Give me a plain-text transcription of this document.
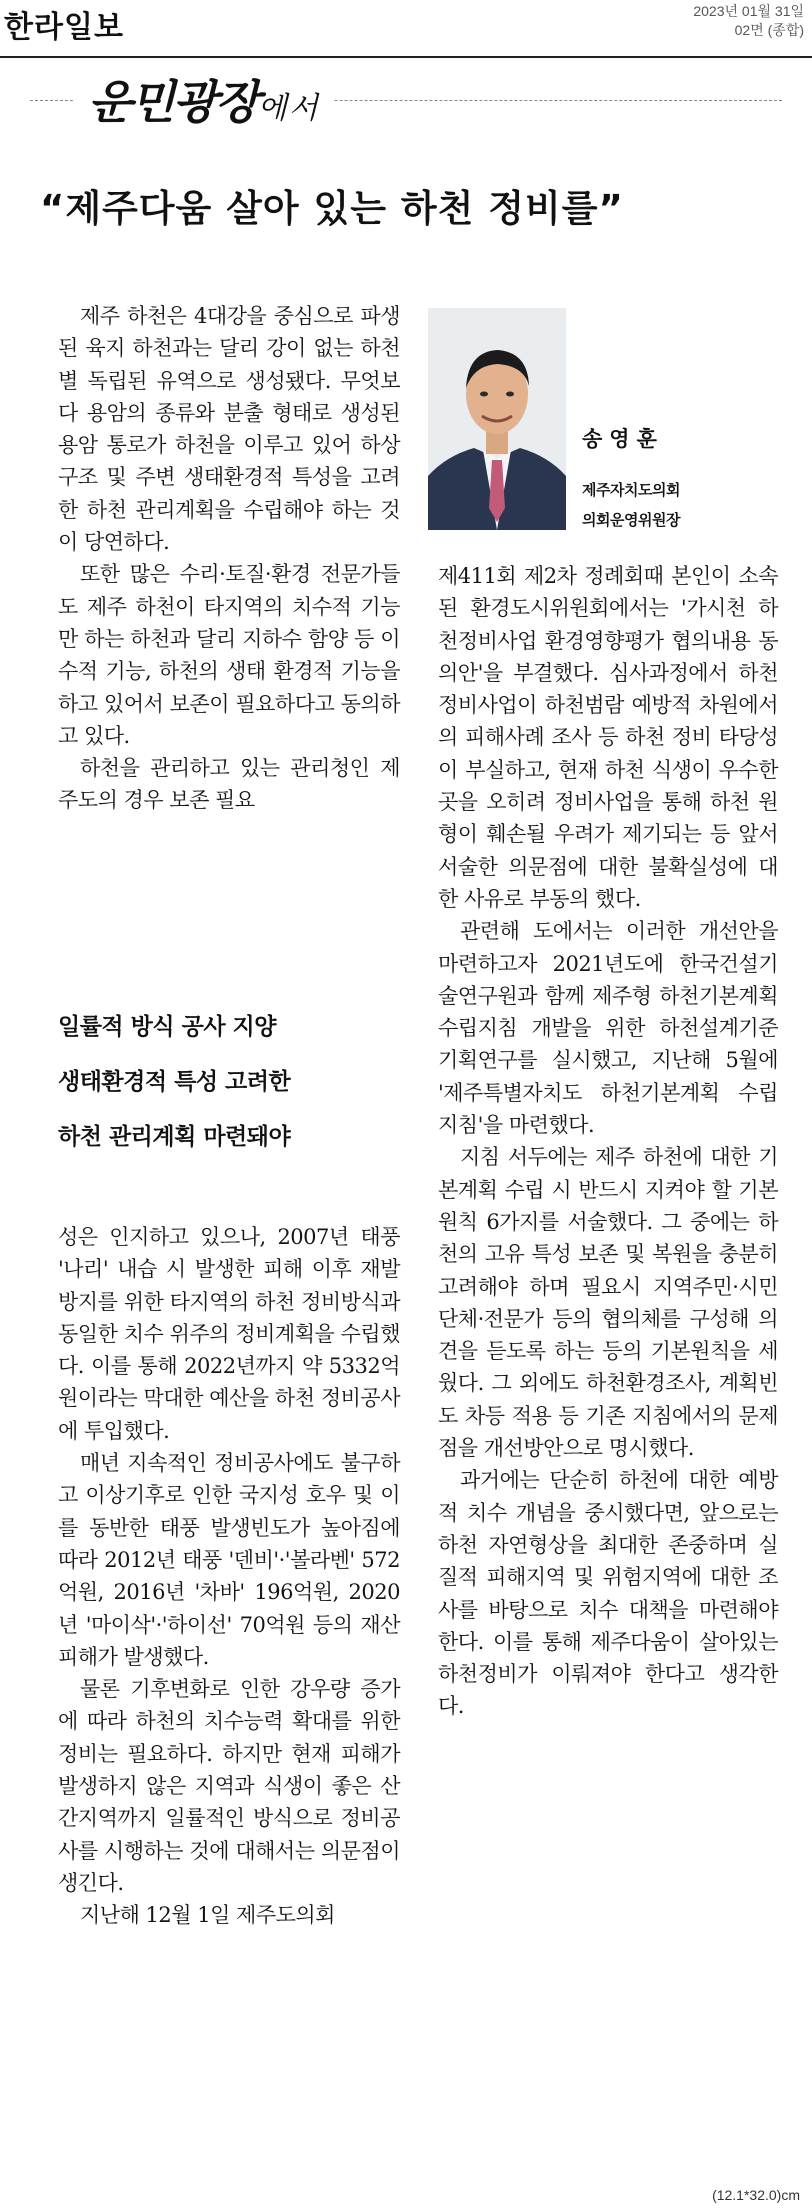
한라일보	2023년 01월 31일
02면 (종합)
운민광장에서
“제주다움 살아 있는 하천 정비를”
송영훈
제주자치도의회
의회운영위원장

제주 하천은 4대강을 중심으로 파생된 육지 하천과는 달리 강이 없는 하천별 독립된 유역으로 생성됐다. 무엇보다 용암의 종류와 분출 형태로 생성된 용암 통로가 하천을 이루고 있어 하상 구조 및 주변 생태환경적 특성을 고려한 하천 관리계획을 수립해야 하는 것이 당연하다.

또한 많은 수리·토질·환경 전문가들도 제주 하천이 타지역의 치수적 기능만 하는 하천과 달리 지하수 함양 등 이수적 기능, 하천의 생태 환경적 기능을 하고 있어서 보존이 필요하다고 동의하고 있다.

하천을 관리하고 있는 관리청인 제주도의 경우 보존 필요

일률적 방식 공사 지양
생태환경적 특성 고려한
하천 관리계획 마련돼야

성은 인지하고 있으나, 2007년 태풍 '나리' 내습 시 발생한 피해 이후 재발 방지를 위한 타지역의 하천 정비방식과 동일한 치수 위주의 정비계획을 수립했다. 이를 통해 2022년까지 약 5332억원이라는 막대한 예산을 하천 정비공사에 투입했다.

매년 지속적인 정비공사에도 불구하고 이상기후로 인한 국지성 호우 및 이를 동반한 태풍 발생빈도가 높아짐에 따라 2012년 태풍 '덴비'·'볼라벤' 572억원, 2016년 '차바' 196억원, 2020년 '마이삭'·'하이선' 70억원 등의 재산 피해가 발생했다.

물론 기후변화로 인한 강우량 증가에 따라 하천의 치수능력 확대를 위한 정비는 필요하다. 하지만 현재 피해가 발생하지 않은 지역과 식생이 좋은 산간지역까지 일률적인 방식으로 정비공사를 시행하는 것에 대해서는 의문점이 생긴다.

지난해 12월 1일 제주도의회

제411회 제2차 정례회때 본인이 소속된 환경도시위원회에서는 '가시천 하천정비사업 환경영향평가 협의내용 동의안'을 부결했다. 심사과정에서 하천정비사업이 하천범람 예방적 차원에서의 피해사례 조사 등 하천 정비 타당성이 부실하고, 현재 하천 식생이 우수한 곳을 오히려 정비사업을 통해 하천 원형이 훼손될 우려가 제기되는 등 앞서 서술한 의문점에 대한 불확실성에 대한 사유로 부동의 했다.

관련해 도에서는 이러한 개선안을 마련하고자 2021년도에 한국건설기술연구원과 함께 제주형 하천기본계획 수립지침 개발을 위한 하천설계기준 기획연구를 실시했고, 지난해 5월에 '제주특별자치도 하천기본계획 수립 지침'을 마련했다.

지침 서두에는 제주 하천에 대한 기본계획 수립 시 반드시 지켜야 할 기본 원칙 6가지를 서술했다. 그 중에는 하천의 고유 특성 보존 및 복원을 충분히 고려해야 하며 필요시 지역주민·시민단체·전문가 등의 협의체를 구성해 의견을 듣도록 하는 등의 기본원칙을 세웠다. 그 외에도 하천환경조사, 계획빈도 차등 적용 등 기존 지침에서의 문제점을 개선방안으로 명시했다.

과거에는 단순히 하천에 대한 예방적 치수 개념을 중시했다면, 앞으로는 하천 자연형상을 최대한 존중하며 실질적 피해지역 및 위험지역에 대한 조사를 바탕으로 치수 대책을 마련해야 한다. 이를 통해 제주다움이 살아있는 하천정비가 이뤄져야 한다고 생각한다.

(12.1*32.0)cm
